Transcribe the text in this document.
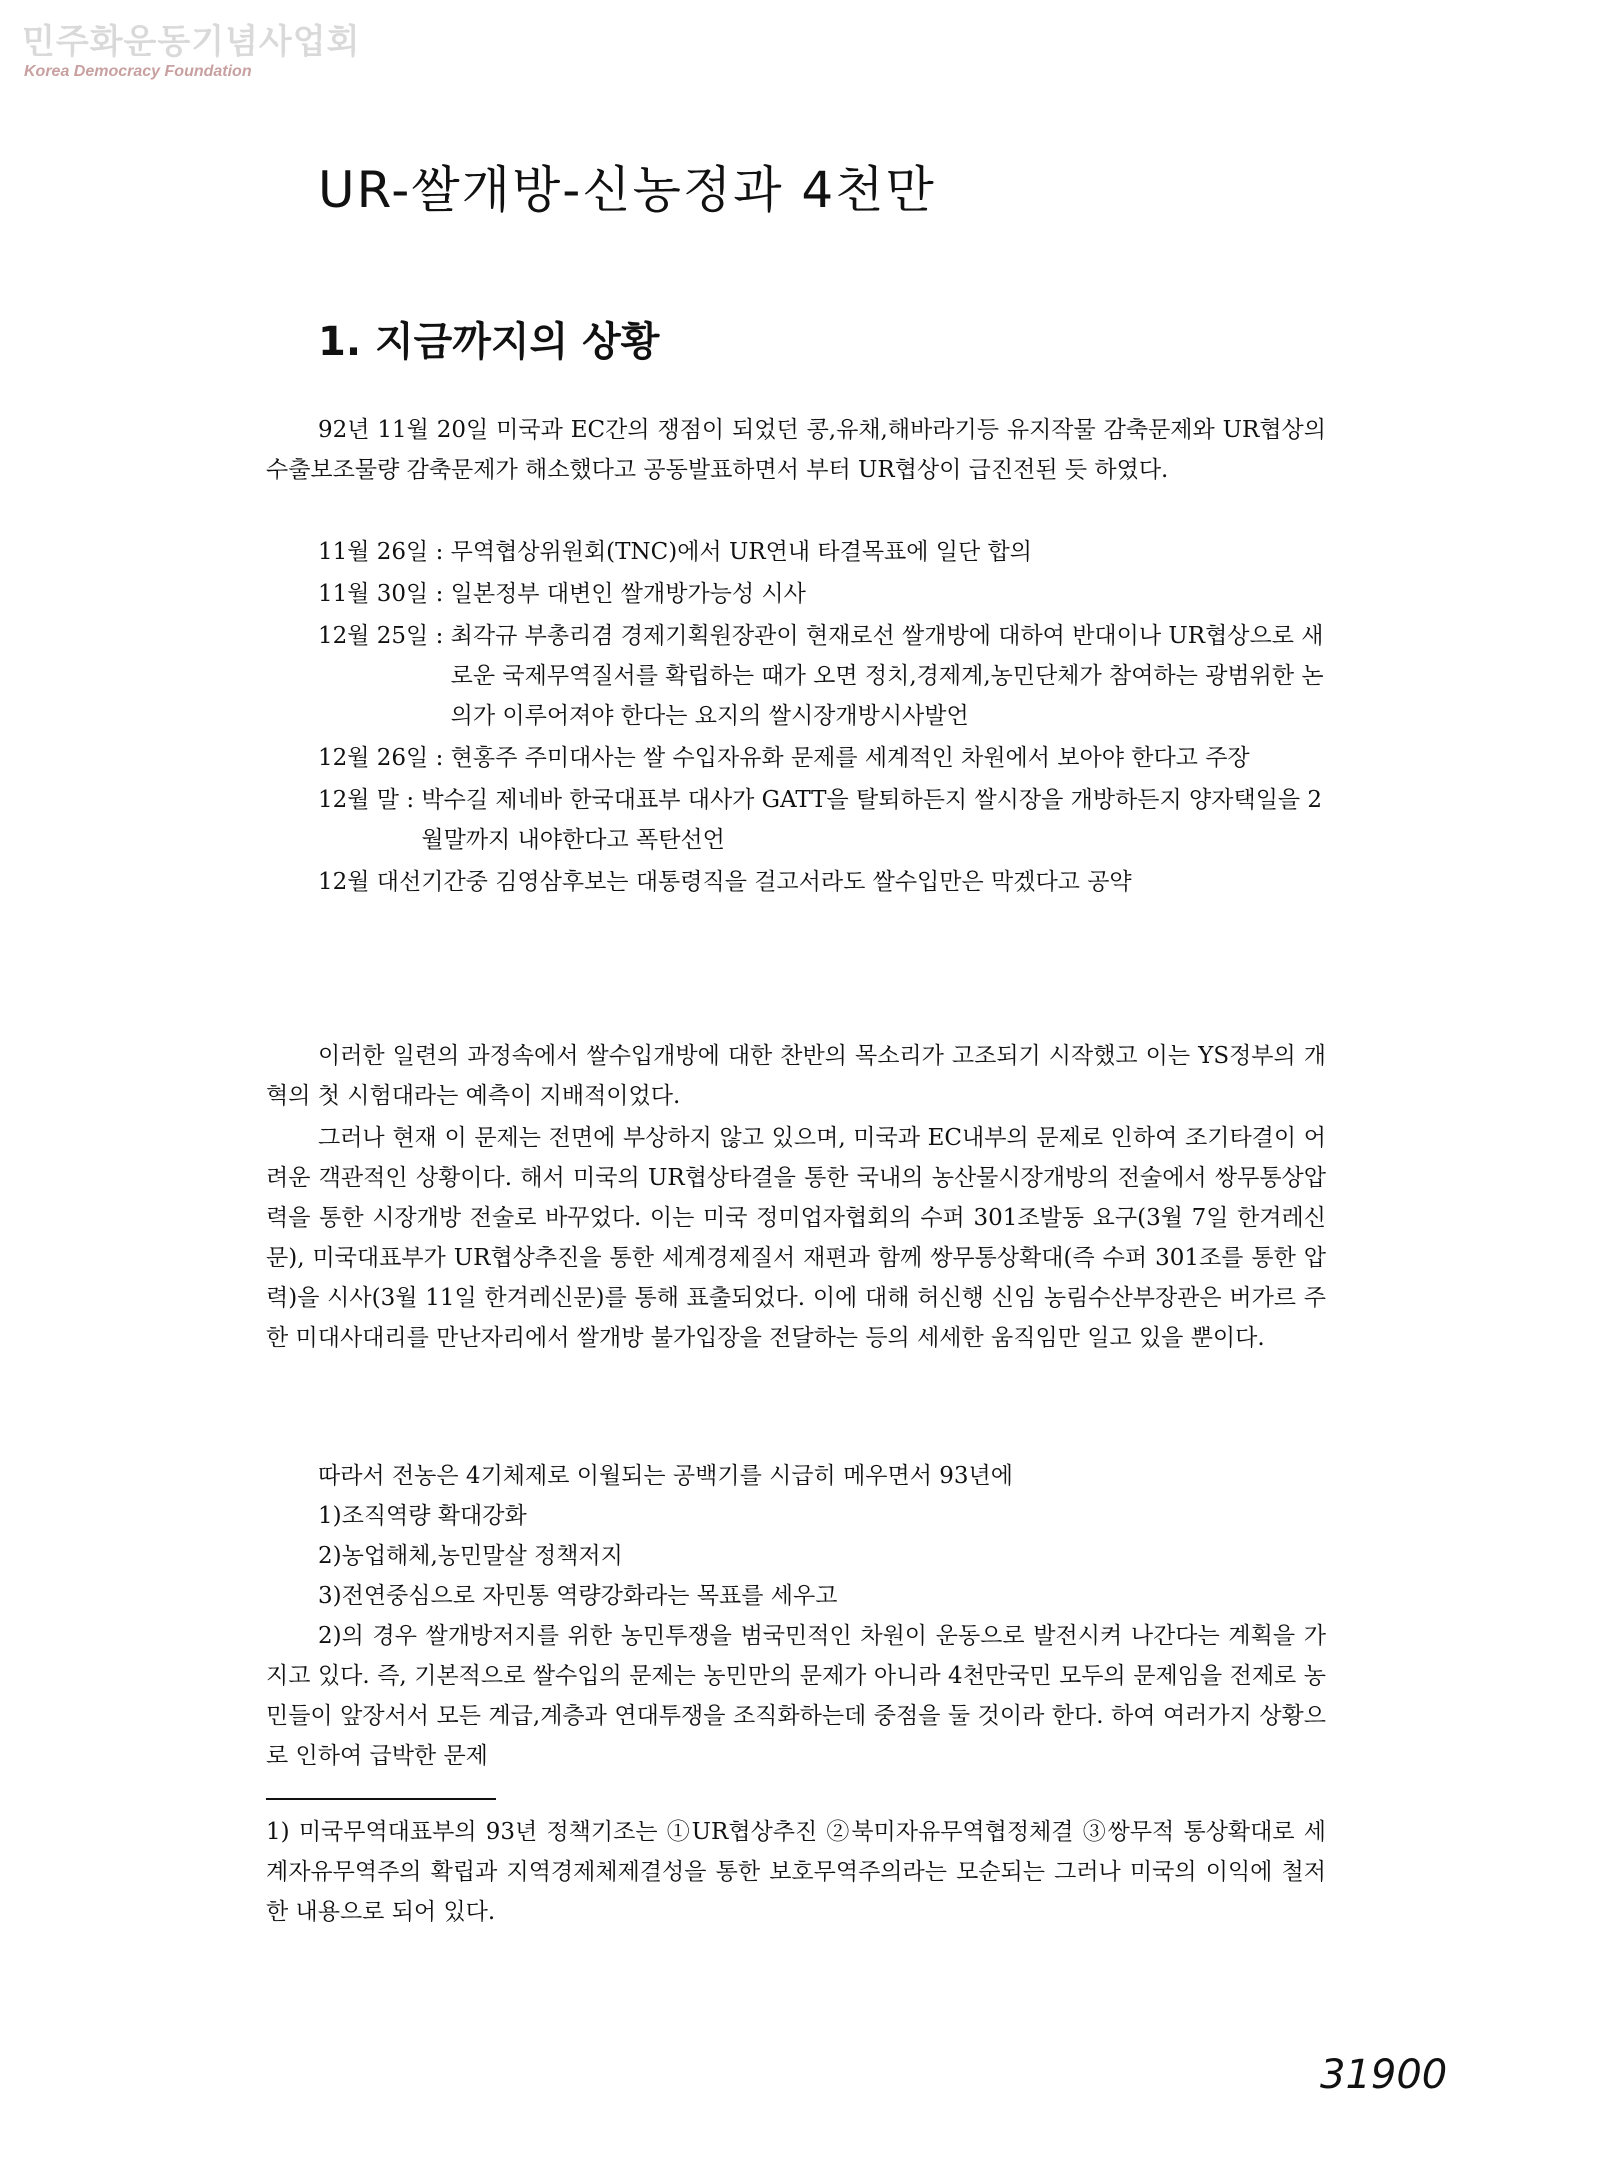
민주화운동기념사업회
Korea Democracy Foundation
UR-쌀개방-신농정과 4천만
1. 지금까지의 상황

92년 11월 20일 미국과 EC간의 쟁점이 되었던 콩,유채,해바라기등 유지작물 감축문제와 UR협상의 수출보조물량 감축문제가 해소했다고 공동발표하면서 부터 UR협상이 급진전된 듯 하였다.

11월 26일 : 무역협상위원회(TNC)에서 UR연내 타결목표에 일단 합의
11월 30일 : 일본정부 대변인 쌀개방가능성 시사
12월 25일 : 최각규 부총리겸 경제기획원장관이 현재로선 쌀개방에 대하여 반대이나 UR협상으로 새로운 국제무역질서를 확립하는 때가 오면 정치,경제계,농민단체가 참여하는 광범위한 논의가 이루어져야 한다는 요지의 쌀시장개방시사발언
12월 26일 : 현홍주 주미대사는 쌀 수입자유화 문제를 세계적인 차원에서 보아야 한다고 주장
12월 말 : 박수길 제네바 한국대표부 대사가 GATT을 탈퇴하든지 쌀시장을 개방하든지 양자택일을 2월말까지 내야한다고 폭탄선언
12월 대선기간중 김영삼후보는 대통령직을 걸고서라도 쌀수입만은 막겠다고 공약

이러한 일련의 과정속에서 쌀수입개방에 대한 찬반의 목소리가 고조되기 시작했고 이는 YS정부의 개혁의 첫 시험대라는 예측이 지배적이었다.

그러나 현재 이 문제는 전면에 부상하지 않고 있으며, 미국과 EC내부의 문제로 인하여 조기타결이 어려운 객관적인 상황이다. 해서 미국의 UR협상타결을 통한 국내의 농산물시장개방의 전술에서 쌍무통상압력을 통한 시장개방 전술로 바꾸었다. 이는 미국 정미업자협회의 수퍼 301조발동 요구(3월 7일 한겨레신문), 미국대표부가 UR협상추진을 통한 세계경제질서 재편과 함께 쌍무통상확대(즉 수퍼 301조를 통한 압력)을 시사(3월 11일 한겨레신문)를 통해 표출되었다. 이에 대해 허신행 신임 농림수산부장관은 버가르 주한 미대사대리를 만난자리에서 쌀개방 불가입장을 전달하는 등의 세세한 움직임만 일고 있을 뿐이다.

따라서 전농은 4기체제로 이월되는 공백기를 시급히 메우면서 93년에

1)조직역량 확대강화
2)농업해체,농민말살 정책저지
3)전연중심으로 자민통 역량강화라는 목표를 세우고

2)의 경우 쌀개방저지를 위한 농민투쟁을 범국민적인 차원이 운동으로 발전시켜 나간다는 계획을 가지고 있다. 즉, 기본적으로 쌀수입의 문제는 농민만의 문제가 아니라 4천만국민 모두의 문제임을 전제로 농민들이 앞장서서 모든 계급,계층과 연대투쟁을 조직화하는데 중점을 둘 것이라 한다. 하여 여러가지 상황으로 인하여 급박한 문제

1) 미국무역대표부의 93년 정책기조는 ①UR협상추진 ②북미자유무역협정체결 ③쌍무적 통상확대로 세계자유무역주의 확립과 지역경제체제결성을 통한 보호무역주의라는 모순되는 그러나 미국의 이익에 철저한 내용으로 되어 있다.

31900
